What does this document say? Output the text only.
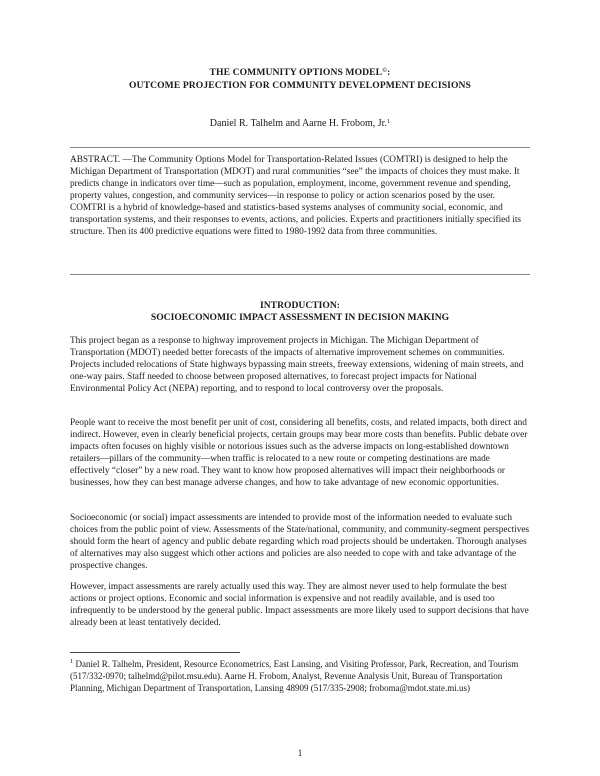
THE COMMUNITY OPTIONS MODEL©:
OUTCOME PROJECTION FOR COMMUNITY DEVELOPMENT DECISIONS
Daniel R. Talhelm and Aarne H. Frobom, Jr.$^1$
ABSTRACT. —The Community Options Model for Transportation-Related Issues (COMTRI) is designed to help the Michigan Department of Transportation (MDOT) and rural communities “see” the impacts of choices they must make. It predicts change in indicators over time—such as population, employment, income, government revenue and spending, property values, congestion, and community services—in response to policy or action scenarios posed by the user. COMTRI is a hybrid of knowledge-based and statistics-based systems analyses of community social, economic, and transportation systems, and their responses to events, actions, and policies. Experts and practitioners initially specified its structure. Then its 400 predictive equations were fitted to 1980-1992 data from three communities.
INTRODUCTION:
SOCIOECONOMIC IMPACT ASSESSMENT IN DECISION MAKING
This project began as a response to highway improvement projects in Michigan. The Michigan Department of Transportation (MDOT) needed better forecasts of the impacts of alternative improvement schemes on communities. Projects included relocations of State highways bypassing main streets, freeway extensions, widening of main streets, and one-way pairs. Staff needed to choose between proposed alternatives, to forecast project impacts for National Environmental Policy Act (NEPA) reporting, and to respond to local controversy over the proposals.
People want to receive the most benefit per unit of cost, considering all benefits, costs, and related impacts, both direct and indirect. However, even in clearly beneficial projects, certain groups may bear more costs than benefits. Public debate over impacts often focuses on highly visible or notorious issues such as the adverse impacts on long-established downtown retailers—pillars of the community—when traffic is relocated to a new route or competing destinations are made effectively “closer” by a new road. They want to know how proposed alternatives will impact their neighborhoods or businesses, how they can best manage adverse changes, and how to take advantage of new economic opportunities.
Socioeconomic (or social) impact assessments are intended to provide most of the information needed to evaluate such choices from the public point of view. Assessments of the State/national, community, and community-segment perspectives should form the heart of agency and public debate regarding which road projects should be undertaken. Thorough analyses of alternatives may also suggest which other actions and policies are also needed to cope with and take advantage of the prospective changes.
However, impact assessments are rarely actually used this way. They are almost never used to help formulate the best actions or project options. Economic and social information is expensive and not readily available, and is used too infrequently to be understood by the general public. Impact assessments are more likely used to support decisions that have already been at least tentatively decided.
$^1$ Daniel R. Talhelm, President, Resource Econometrics, East Lansing, and Visiting Professor, Park, Recreation, and Tourism (517/332-0970; talhelmd@pilot.msu.edu). Aarne H. Frobom, Analyst, Revenue Analysis Unit, Bureau of Transportation Planning, Michigan Department of Transportation, Lansing 48909 (517/335-2908; froboma@mdot.state.mi.us)
1
